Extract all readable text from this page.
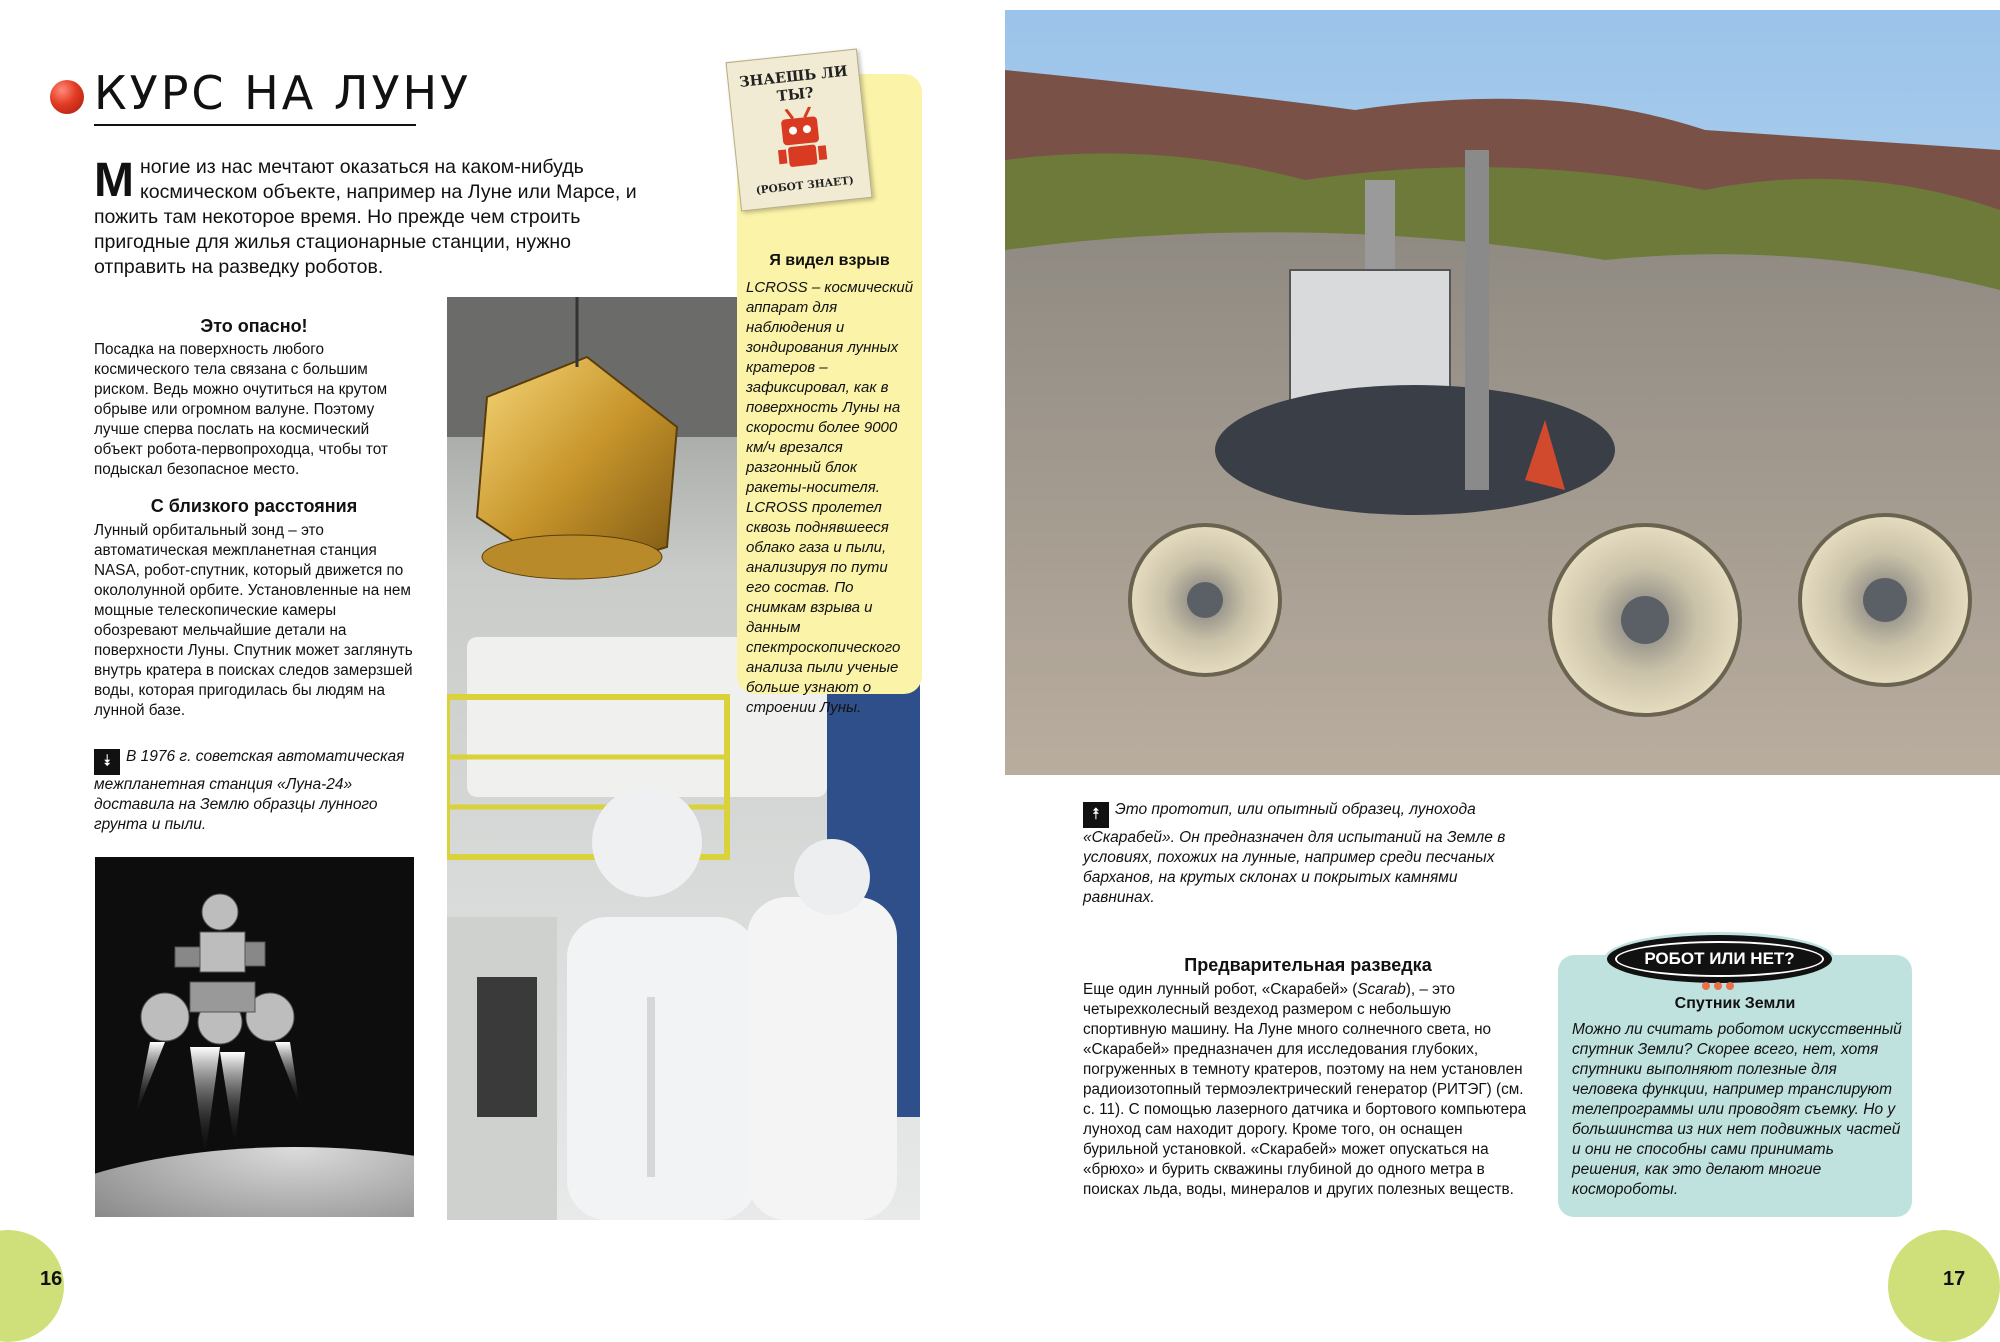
КУРС НА ЛУНУ
Многие из нас мечтают оказаться на каком-нибудь космическом объекте, например на Луне или Марсе, и пожить там некоторое время. Но прежде чем строить пригодные для жилья стационарные станции, нужно отправить на разведку роботов.
Это опасно!
Посадка на поверхность любого космического тела связана с большим риском. Ведь можно очутиться на крутом обрыве или огромном валуне. Поэтому лучше сперва послать на космический объект робота-первопроходца, чтобы тот подыскал безопасное место.
С близкого расстояния
Лунный орбитальный зонд – это автоматическая межпланетная станция NASA, робот-спутник, который движется по окололунной орбите. Установленные на нем мощные телескопические камеры обозревают мельчайшие детали на поверхности Луны. Спутник может заглянуть внутрь кратера в поисках следов замерзшей воды, которая пригодилась бы людям на лунной базе.
⯯ В 1976 г. советская автоматическая межпланетная станция «Луна-24» доставила на Землю образцы лунного грунта и пыли.
ЗНАЕШЬ ЛИ ТЫ?
(РОБОТ ЗНАЕТ)
Я видел взрыв
LCROSS – космический аппарат для наблюдения и зондирования лунных кратеров – зафиксировал, как в поверхность Луны на скорости более 9000 км/ч врезался разгонный блок ракеты-носителя. LCROSS пролетел сквозь поднявшееся облако газа и пыли, анализируя по пути его состав. По снимкам взрыва и данным спектроскопического анализа пыли ученые больше узнают о строении Луны.
16
⯭ Это прототип, или опытный образец, лунохода «Скарабей». Он предназначен для испытаний на Земле в условиях, похожих на лунные, например среди песчаных барханов, на крутых склонах и покрытых камнями равнинах.
Предварительная разведка
Еще один лунный робот, «Скарабей» (Scarab), – это четырехколесный вездеход размером с небольшую спортивную машину. На Луне много солнечного света, но «Скарабей» предназначен для исследования глубоких, погруженных в темноту кратеров, поэтому на нем установлен радиоизотопный термоэлектрический генератор (РИТЭГ) (см. с. 11). С помощью лазерного датчика и бортового компьютера луноход сам находит дорогу. Кроме того, он оснащен бурильной установкой. «Скарабей» может опускаться на «брюхо» и бурить скважины глубиной до одного метра в поисках льда, воды, минералов и других полезных веществ.
РОБОТ ИЛИ НЕТ?
Спутник Земли
Можно ли считать роботом искусственный спутник Земли? Скорее всего, нет, хотя спутники выполняют полезные для человека функции, например транслируют телепрограммы или проводят съемку. Но у большинства из них нет подвижных частей и они не способны сами принимать решения, как это делают многие косморoботы.
17
